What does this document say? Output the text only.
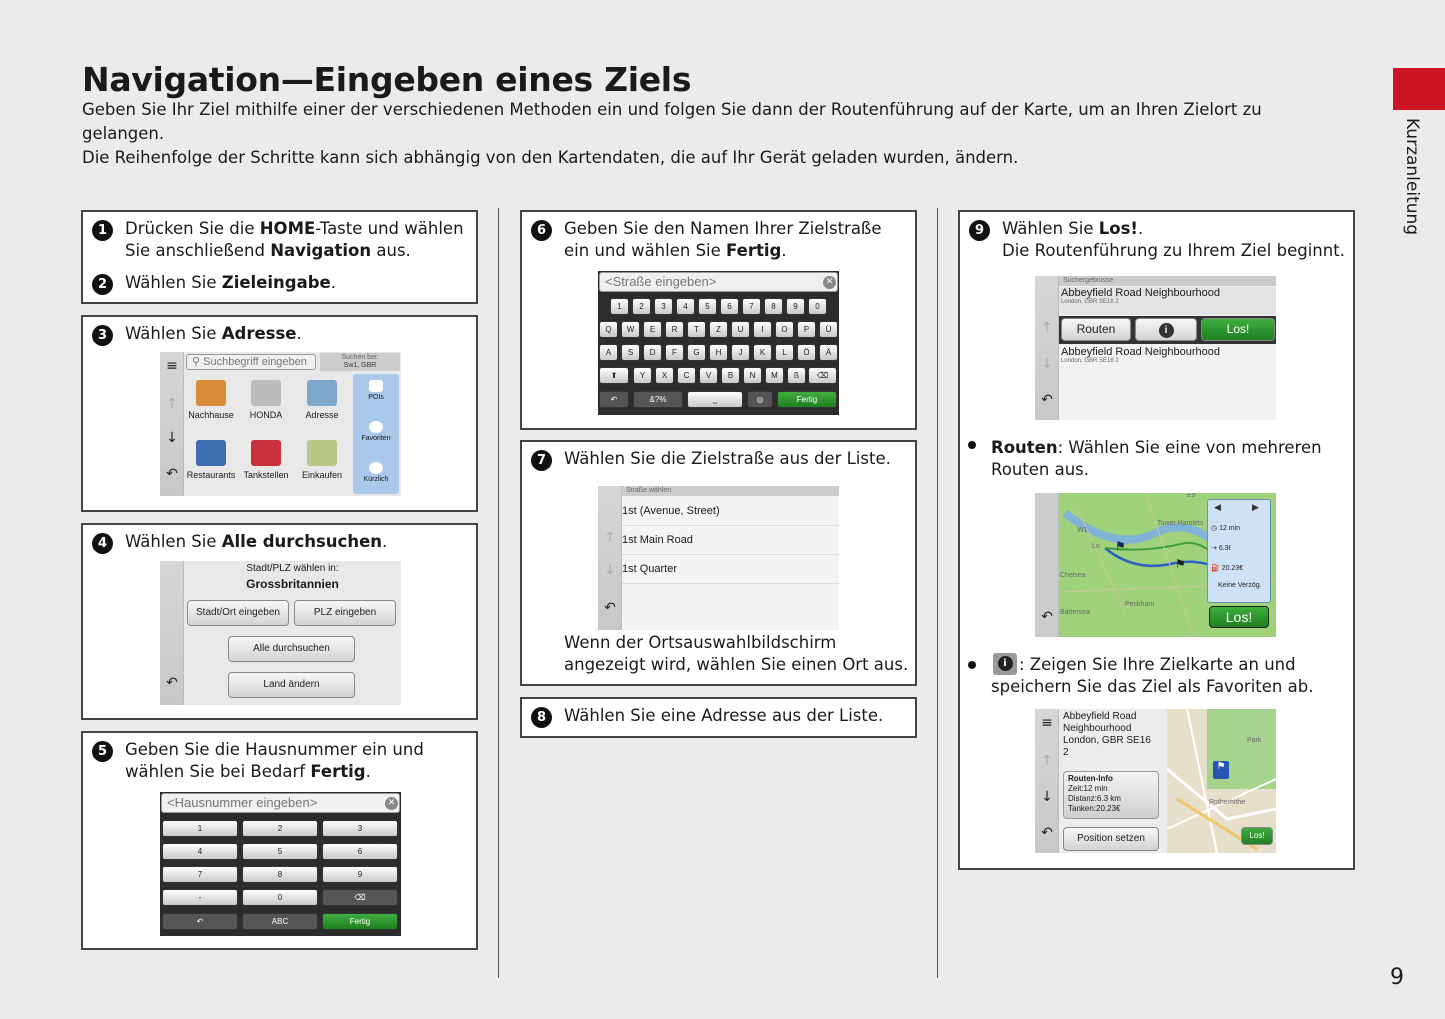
Navigation—Eingeben eines Ziels
Geben Sie Ihr Ziel mithilfe einer der verschiedenen Methoden ein und folgen Sie dann der Routenführung auf der Karte, um an Ihren Zielort zu gelangen.
Die Reihenfolge der Schritte kann sich abhängig von den Kartendaten, die auf Ihr Gerät geladen wurden, ändern.	Kurzanleitung
9
1	Drücken Sie die HOME-Taste und wählen Sie anschließend Navigation aus.
2	Wählen Sie Zieleingabe.
3	Wählen Sie Adresse.
≡
↑
↓
↶
⚲ Suchbegriff eingeben	Suchen bei:
Sw1, GBR
Nachhause	HONDA	Adresse
Restaurants Tankstellen	Einkaufen
POIs
Favoriten
Kürzlich
4	Wählen Sie Alle durchsuchen.
↶
Stadt/PLZ wählen in:
Grossbritannien
Stadt/Ort eingeben	PLZ eingeben
Alle durchsuchen
Land ändern
5	Geben Sie die Hausnummer ein und wählen Sie bei Bedarf Fertig.
<Hausnummer eingeben>	✕
1	2	3
4	5	6
7	8	9
-	0	⌫
↶	ABC	Fertig
6	Geben Sie den Namen Ihrer Zielstraße ein und wählen Sie Fertig.
<Straße eingeben>	✕
1	2	3	4	5	6	7	8	9	0
Q	W	E	R	T	Z	U	I	O	P	Ü
A	S	D	F	G	H	J	K	L	Ö	Ä
⬆	Y	X	C	V	B	N	M	ß	⌫
↶	&?%	⎵	◎	Fertig
7	Wählen Sie die Zielstraße aus der Liste.
↑
↓
↶
Straße wählen
1st (Avenue, Street)
1st Main Road
1st Quarter
Wenn der Ortsauswahlbildschirm angezeigt wird, wählen Sie einen Ort aus.
8	Wählen Sie eine Adresse aus der Liste.
9	Wählen Sie Los!.
Die Routenführung zu Ihrem Ziel beginnt.
↑
↓
↶
Suchergebnisse
Abbeyfield Road Neighbourhood
London, GBR SE16 2
Routen	i	Los!
Abbeyfield Road Neighbourhood
London, GBR SE16 2
Routen: Wählen Sie eine von mehreren Routen aus.
↶
E9
W1
Tower Hamlets
Chelsea
Battersea
Peckham
Lo ⚑
⚑
◀	▶
◷ 12 min
⇢ 6.3ℓ
⛽ 20.23€
Keine Verzög.
Los!
i : Zeigen Sie Ihre Zielkarte an und speichern Sie das Ziel als Favoriten ab.
≡
↑
↓
↶
Abbeyfield Road
Neighbourhood
London, GBR SE16
2
Routen-Info
Zeit:12 min
Distanz:6.3 km
Tanken:20.23€
Position setzen
Park
Rotherhithe
⚑
Los!
